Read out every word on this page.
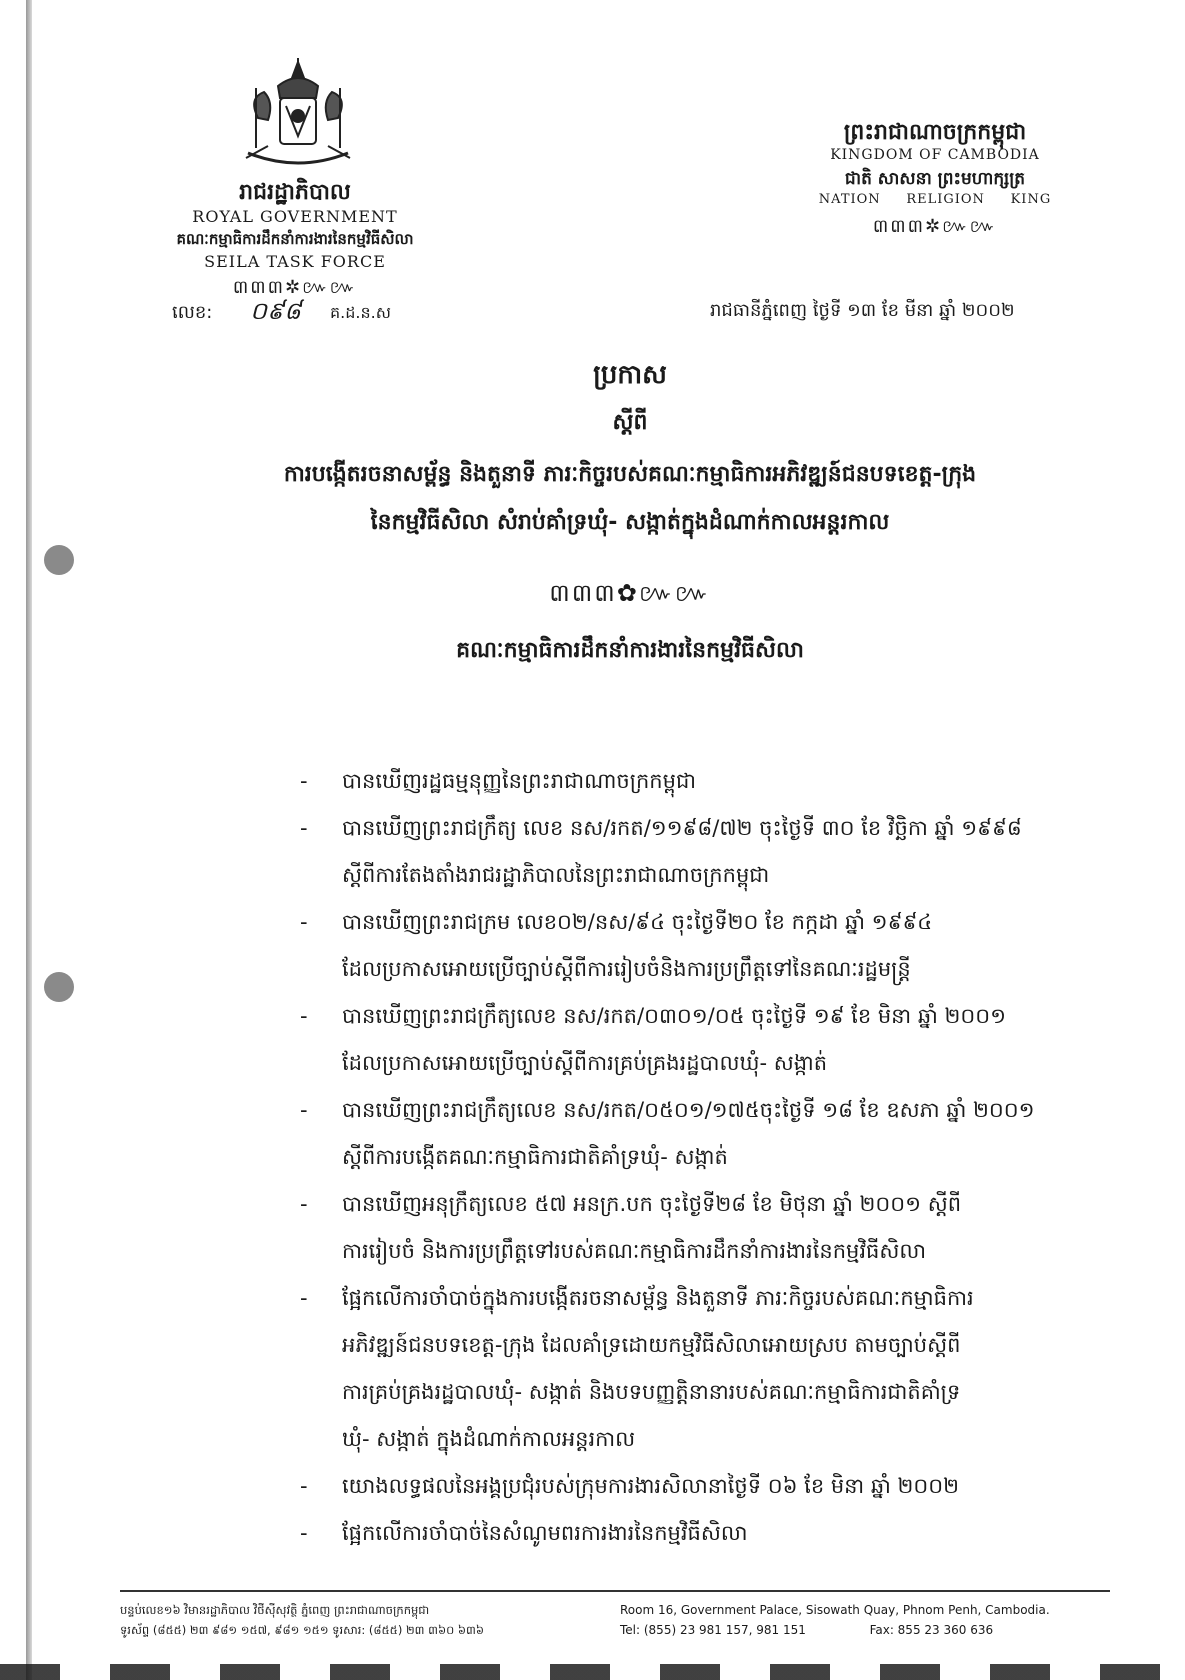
រាជរដ្ឋាភិបាល
ROYAL GOVERNMENT
គណៈកម្មាធិការដឹកនាំការងារនៃកម្មវិធីសិលា
SEILA TASK FORCE
៣៣៣✲៚៚
លេខ: ០៩៨ គ.ដ.ន.ស
ព្រះរាជាណាចក្រកម្ពុជា
KINGDOM OF CAMBODIA
ជាតិ សាសនា ព្រះមហាក្សត្រ
NATION     RELIGION     KING
៣៣៣✲៚៚
រាជធានីភ្នំពេញ ថ្ងៃទី ១៣ ខែ មីនា ឆ្នាំ ២០០២
ប្រកាស
ស្ដីពី
ការបង្កើតរចនាសម្ព័ន្ធ និងតួនាទី ភារៈកិច្ចរបស់គណៈកម្មាធិការអភិវឌ្ឍន៍ជនបទខេត្ត-ក្រុង
នៃកម្មវិធីសិលា សំរាប់គាំទ្រឃុំ- សង្កាត់ក្នុងដំណាក់កាលអន្តរកាល
៣៣៣✿៚៚
គណៈកម្មាធិការដឹកនាំការងារនៃកម្មវិធីសិលា
- បានឃើញរដ្ឋធម្មនុញ្ញនៃព្រះរាជាណាចក្រកម្ពុជា
- បានឃើញព្រះរាជក្រឹត្យ លេខ នស/រកត/១១៩៨/៧២ ចុះថ្ងៃទី ៣០ ខែ វិច្ឆិកា ឆ្នាំ ១៩៩៨
ស្ដីពីការតែងតាំងរាជរដ្ឋាភិបាលនៃព្រះរាជាណាចក្រកម្ពុជា
- បានឃើញព្រះរាជក្រម លេខ០២/នស/៩៤ ចុះថ្ងៃទី២០ ខែ កក្កដា ឆ្នាំ ១៩៩៤
ដែលប្រកាសអោយប្រើច្បាប់ស្ដីពីការរៀបចំនិងការប្រព្រឹត្តទៅនៃគណៈរដ្ឋមន្ត្រី
- បានឃើញព្រះរាជក្រឹត្យលេខ នស/រកត/០៣០១/០៥ ចុះថ្ងៃទី ១៩ ខែ មិនា ឆ្នាំ ២០០១
ដែលប្រកាសអោយប្រើច្បាប់ស្ដីពីការគ្រប់គ្រងរដ្ឋបាលឃុំ- សង្កាត់
- បានឃើញព្រះរាជក្រឹត្យលេខ នស/រកត/០៥០១/១៧៥ចុះថ្ងៃទី ១៨ ខែ ឧសភា ឆ្នាំ ២០០១
ស្ដីពីការបង្កើតគណៈកម្មាធិការជាតិគាំទ្រឃុំ- សង្កាត់
- បានឃើញអនុក្រឹត្យលេខ ៥៧ អនក្រ.បក ចុះថ្ងៃទី២៨ ខែ មិថុនា ឆ្នាំ ២០០១ ស្ដីពី
ការរៀបចំ និងការប្រព្រឹត្តទៅរបស់គណៈកម្មាធិការដឹកនាំការងារនៃកម្មវិធីសិលា
- ផ្អែកលើការចាំបាច់ក្នុងការបង្កើតរចនាសម្ព័ន្ធ និងតួនាទី ភារៈកិច្ចរបស់គណៈកម្មាធិការ
អភិវឌ្ឍន៍ជនបទខេត្ត-ក្រុង ដែលគាំទ្រដោយកម្មវិធីសិលាអោយស្រប តាមច្បាប់ស្ដីពី
ការគ្រប់គ្រងរដ្ឋបាលឃុំ- សង្កាត់ និងបទបញ្ញត្តិនានារបស់គណៈកម្មាធិការជាតិគាំទ្រ
ឃុំ- សង្កាត់ ក្នុងដំណាក់កាលអន្តរកាល
- យោងលទ្ធផលនៃអង្គប្រជុំរបស់ក្រុមការងារសិលានាថ្ងៃទី ០៦ ខែ មិនា ឆ្នាំ ២០០២
- ផ្អែកលើការចាំបាច់នៃសំណូមពរការងារនៃកម្មវិធីសិលា
បន្ទប់លេខ១៦ វិមានរដ្ឋាភិបាល វិថីស៊ីសុវត្ថិ ភ្នំពេញ ព្រះរាជាណាចក្រកម្ពុជា
ទូរស័ព្ទ (៨៥៥) ២៣ ៩៨១ ១៥៧, ៩៨១ ១៥១ ទូរសារ: (៨៥៥) ២៣ ៣៦០ ៦៣៦
Room 16, Government Palace, Sisowath Quay, Phnom Penh, Cambodia.
Tel: (855) 23 981 157, 981 151	Fax: 855 23 360 636
